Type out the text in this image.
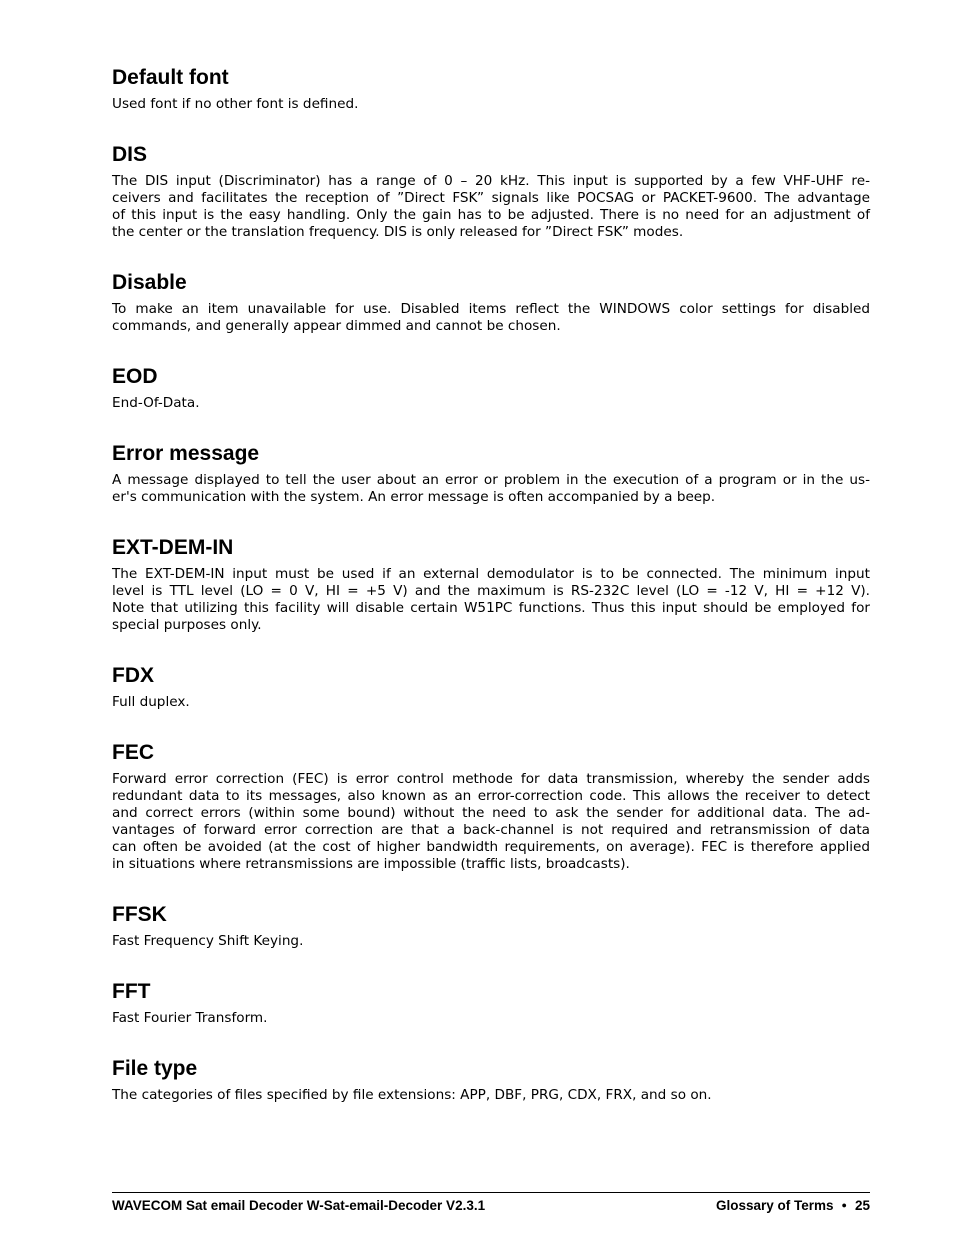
Default font

Used font if no other font is defined.

DIS

The DIS input (Discriminator) has a range of 0 – 20 kHz. This input is supported by a few VHF-UHF re-
ceivers and facilitates the reception of ”Direct FSK” signals like POCSAG or PACKET-9600. The advantage
of this input is the easy handling. Only the gain has to be adjusted. There is no need for an adjustment of
the center or the translation frequency. DIS is only released for ”Direct FSK” modes.

Disable

To make an item unavailable for use. Disabled items reflect the WINDOWS color settings for disabled
commands, and generally appear dimmed and cannot be chosen.

EOD

End-Of-Data.

Error message

A message displayed to tell the user about an error or problem in the execution of a program or in the us-
er's communication with the system. An error message is often accompanied by a beep.

EXT-DEM-IN

The EXT-DEM-IN input must be used if an external demodulator is to be connected. The minimum input
level is TTL level (LO = 0 V, HI = +5 V) and the maximum is RS-232C level (LO = -12 V, HI = +12 V).
Note that utilizing this facility will disable certain W51PC functions. Thus this input should be employed for
special purposes only.

FDX

Full duplex.

FEC

Forward error correction (FEC) is error control methode for data transmission, whereby the sender adds
redundant data to its messages, also known as an error-correction code. This allows the receiver to detect
and correct errors (within some bound) without the need to ask the sender for additional data. The ad-
vantages of forward error correction are that a back-channel is not required and retransmission of data
can often be avoided (at the cost of higher bandwidth requirements, on average). FEC is therefore applied
in situations where retransmissions are impossible (traffic lists, broadcasts).

FFSK

Fast Frequency Shift Keying.

FFT

Fast Fourier Transform.

File type

The categories of files specified by file extensions: APP, DBF, PRG, CDX, FRX, and so on.

WAVECOM Sat email Decoder W-Sat-email-Decoder V2.3.1	Glossary of Terms ● 25
